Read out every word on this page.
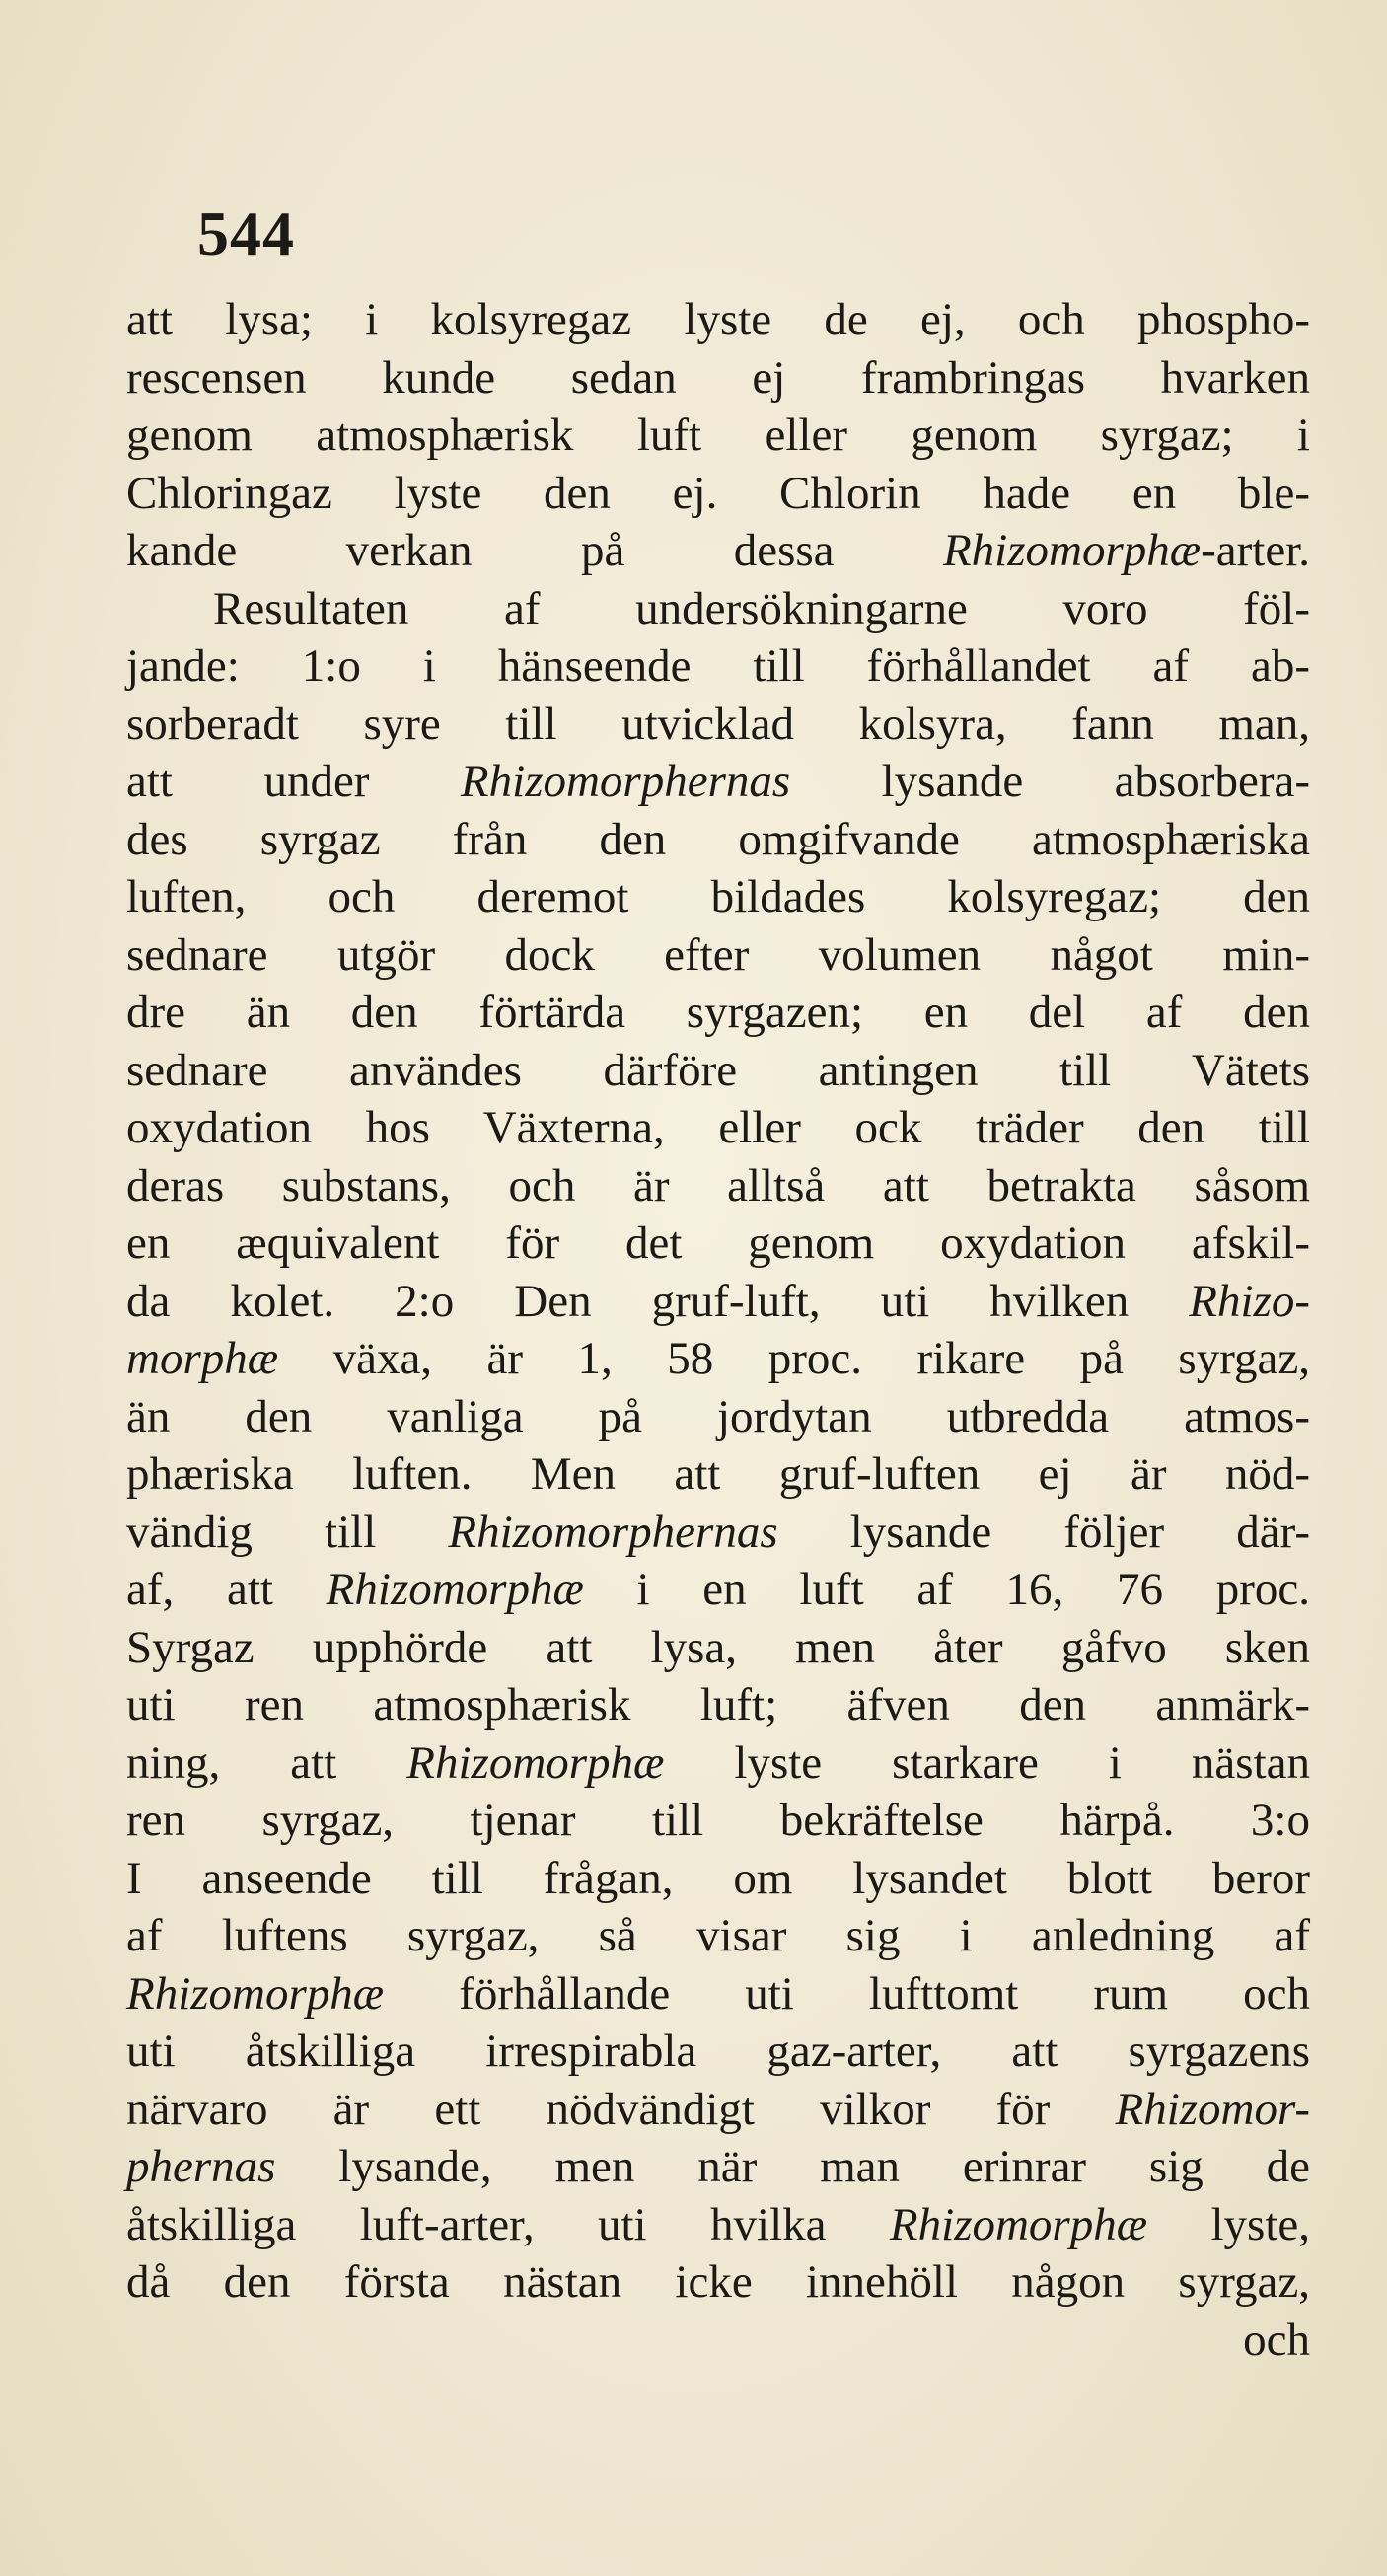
544
att lysa; i kolsyregaz lyste de ej, och phospho-
rescensen kunde sedan ej frambringas hvarken
genom atmosphærisk luft eller genom syrgaz; i
Chloringaz lyste den ej. Chlorin hade en ble-
kande verkan på dessa Rhizomorphæ-arter.
Resultaten af undersökningarne voro föl-
jande: 1:o i hänseende till förhållandet af ab-
sorberadt syre till utvicklad kolsyra, fann man,
att under Rhizomorphernas lysande absorbera-
des syrgaz från den omgifvande atmosphæriska
luften, och deremot bildades kolsyregaz; den
sednare utgör dock efter volumen något min-
dre än den förtärda syrgazen; en del af den
sednare användes därföre antingen till Vätets
oxydation hos Växterna, eller ock träder den till
deras substans, och är alltså att betrakta såsom
en æquivalent för det genom oxydation afskil-
da kolet. 2:o Den gruf-luft, uti hvilken Rhizo-
morphæ växa, är 1, 58 proc. rikare på syrgaz,
än den vanliga på jordytan utbredda atmos-
phæriska luften. Men att gruf-luften ej är nöd-
vändig till Rhizomorphernas lysande följer där-
af, att Rhizomorphæ i en luft af 16, 76 proc.
Syrgaz upphörde att lysa, men åter gåfvo sken
uti ren atmosphærisk luft; äfven den anmärk-
ning, att Rhizomorphæ lyste starkare i nästan
ren syrgaz, tjenar till bekräftelse härpå. 3:o
I anseende till frågan, om lysandet blott beror
af luftens syrgaz, så visar sig i anledning af
Rhizomorphæ förhållande uti lufttomt rum och
uti åtskilliga irrespirabla gaz-arter, att syrgazens
närvaro är ett nödvändigt vilkor för Rhizomor-
phernas lysande, men när man erinrar sig de
åtskilliga luft-arter, uti hvilka Rhizomorphæ lyste,
då den första nästan icke innehöll någon syrgaz,
och
